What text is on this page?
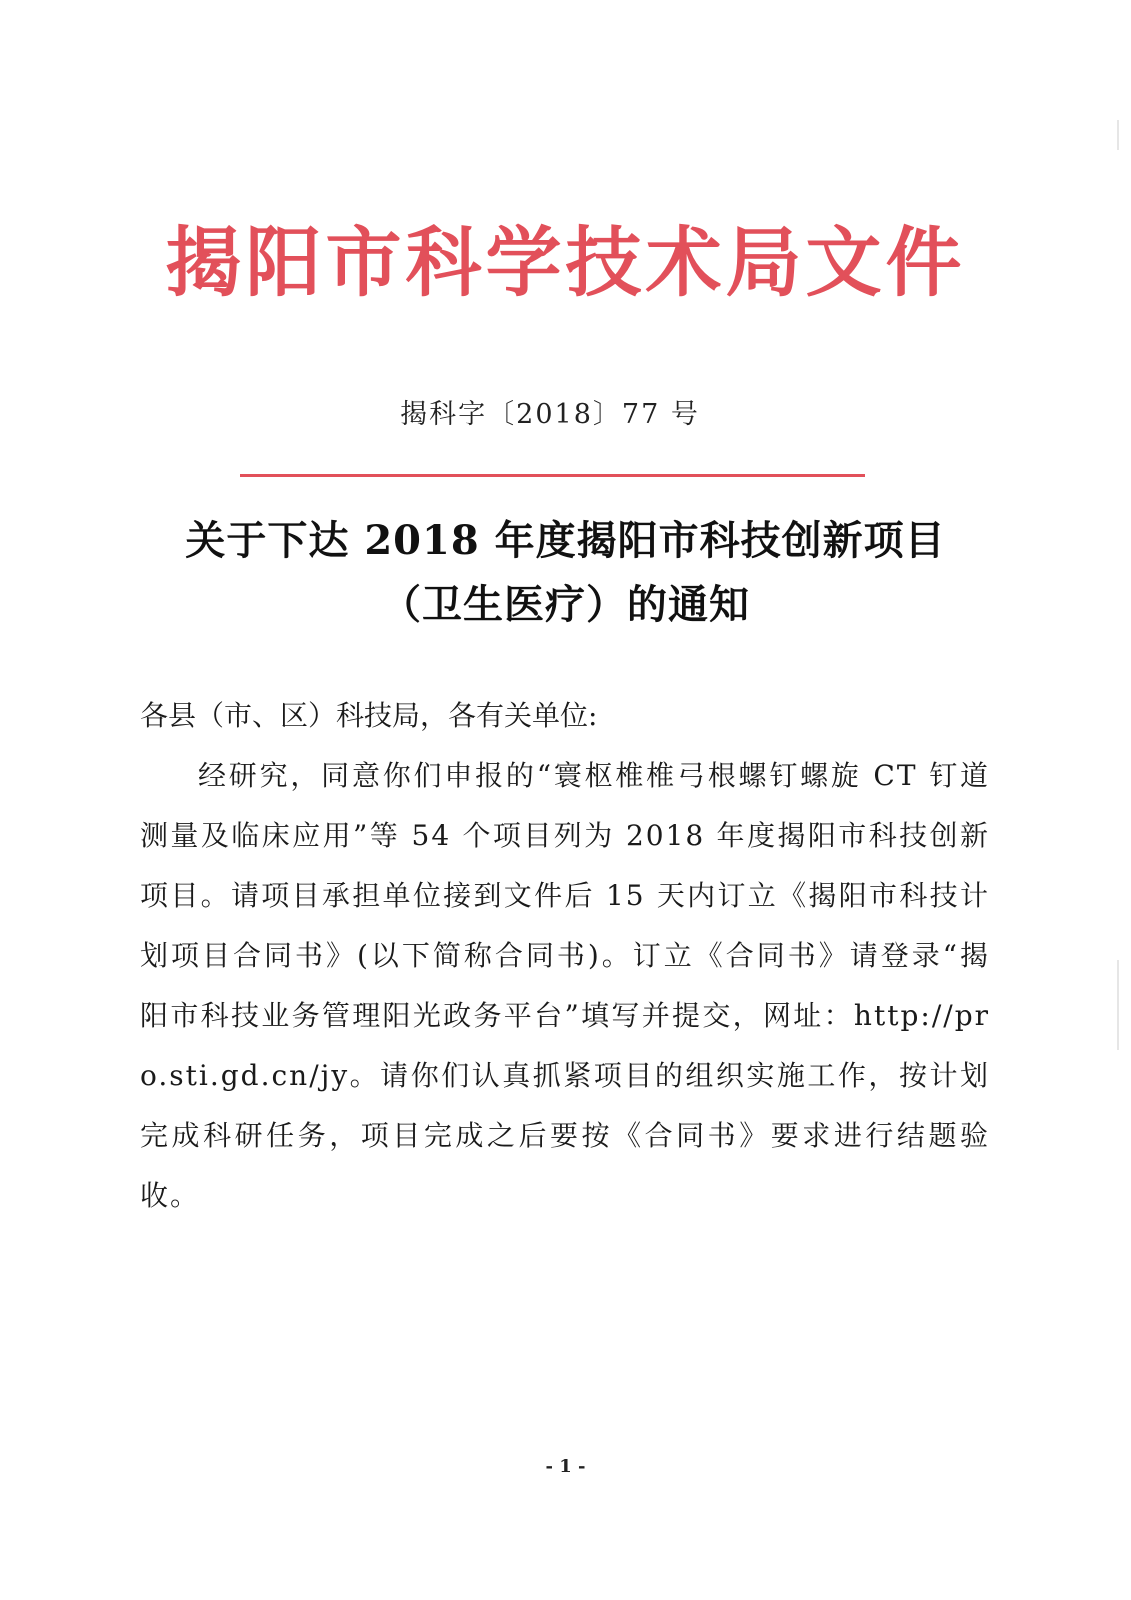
揭阳市科学技术局文件
揭科字〔2018〕77 号
关于下达 2018 年度揭阳市科技创新项目
（卫生医疗）的通知
各县（市、区）科技局，各有关单位:
经研究，同意你们申报的“寰枢椎椎弓根螺钉螺旋 CT 钉道测量及临床应用”等 54 个项目列为 2018 年度揭阳市科技创新项目。请项目承担单位接到文件后 15 天内订立《揭阳市科技计划项目合同书》(以下简称合同书)。订立《合同书》请登录“揭阳市科技业务管理阳光政务平台”填写并提交，网址：http://pro.sti.gd.cn/jy。请你们认真抓紧项目的组织实施工作，按计划完成科研任务，项目完成之后要按《合同书》要求进行结题验收。
- 1 -
